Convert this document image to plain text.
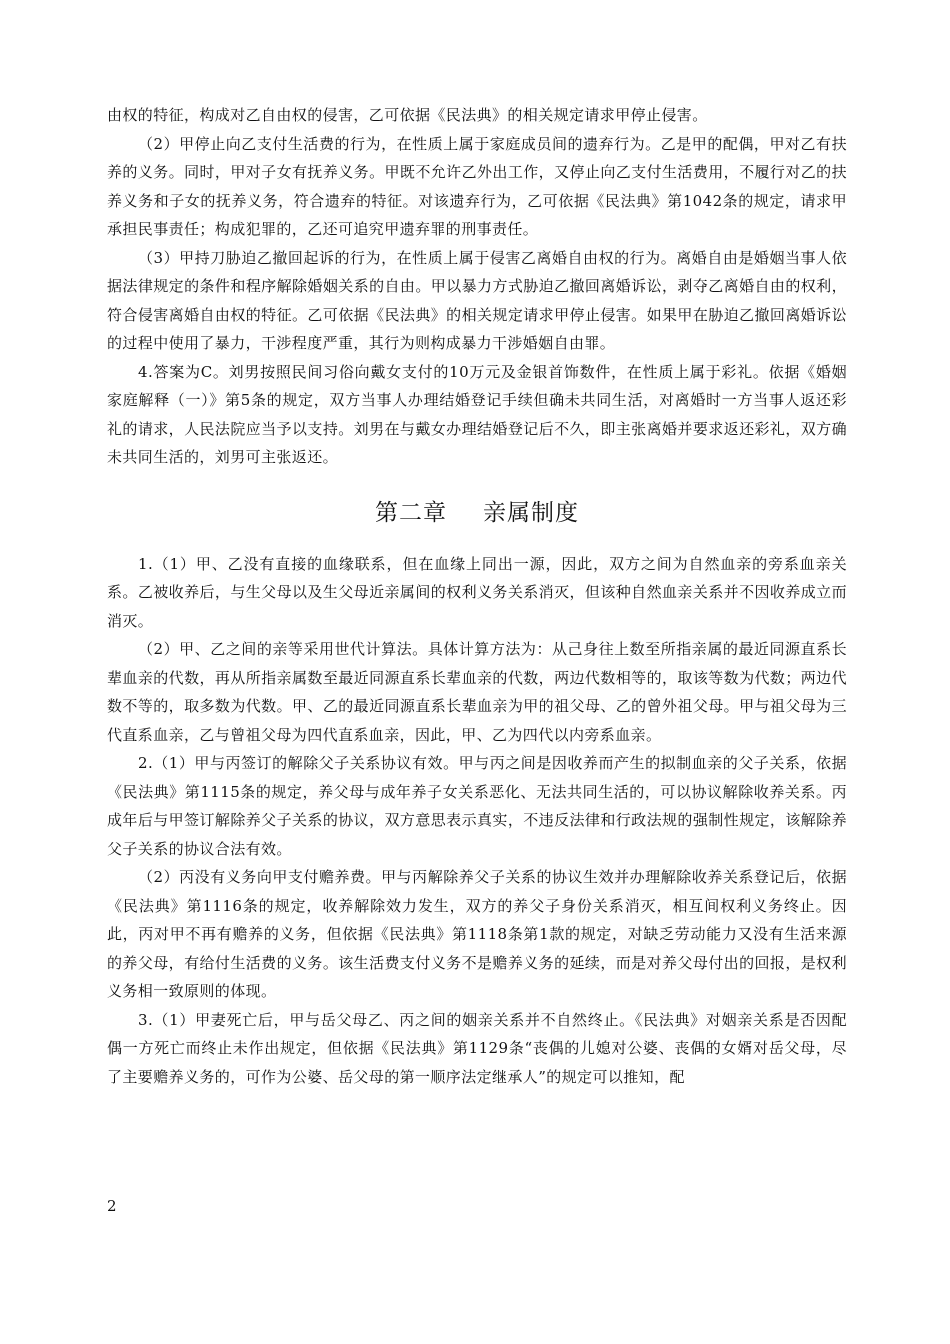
由权的特征，构成对乙自由权的侵害，乙可依据《民法典》的相关规定请求甲停止侵害。

（2）甲停止向乙支付生活费的行为，在性质上属于家庭成员间的遗弃行为。乙是甲的配偶，甲对乙有扶养的义务。同时，甲对子女有抚养义务。甲既不允许乙外出工作，又停止向乙支付生活费用，不履行对乙的扶养义务和子女的抚养义务，符合遗弃的特征。对该遗弃行为，乙可依据《民法典》第1042条的规定，请求甲承担民事责任；构成犯罪的，乙还可追究甲遗弃罪的刑事责任。

（3）甲持刀胁迫乙撤回起诉的行为，在性质上属于侵害乙离婚自由权的行为。离婚自由是婚姻当事人依据法律规定的条件和程序解除婚姻关系的自由。甲以暴力方式胁迫乙撤回离婚诉讼，剥夺乙离婚自由的权利，符合侵害离婚自由权的特征。乙可依据《民法典》的相关规定请求甲停止侵害。如果甲在胁迫乙撤回离婚诉讼的过程中使用了暴力，干涉程度严重，其行为则构成暴力干涉婚姻自由罪。

4.答案为C。刘男按照民间习俗向戴女支付的10万元及金银首饰数件，在性质上属于彩礼。依据《婚姻家庭解释（一）》第5条的规定，双方当事人办理结婚登记手续但确未共同生活，对离婚时一方当事人返还彩礼的请求，人民法院应当予以支持。刘男在与戴女办理结婚登记后不久，即主张离婚并要求返还彩礼，双方确未共同生活的，刘男可主张返还。

第二章 亲属制度

1.（1）甲、乙没有直接的血缘联系，但在血缘上同出一源，因此，双方之间为自然血亲的旁系血亲关系。乙被收养后，与生父母以及生父母近亲属间的权利义务关系消灭，但该种自然血亲关系并不因收养成立而消灭。

（2）甲、乙之间的亲等采用世代计算法。具体计算方法为：从己身往上数至所指亲属的最近同源直系长辈血亲的代数，再从所指亲属数至最近同源直系长辈血亲的代数，两边代数相等的，取该等数为代数；两边代数不等的，取多数为代数。甲、乙的最近同源直系长辈血亲为甲的祖父母、乙的曾外祖父母。甲与祖父母为三代直系血亲，乙与曾祖父母为四代直系血亲，因此，甲、乙为四代以内旁系血亲。

2.（1）甲与丙签订的解除父子关系协议有效。甲与丙之间是因收养而产生的拟制血亲的父子关系，依据《民法典》第1115条的规定，养父母与成年养子女关系恶化、无法共同生活的，可以协议解除收养关系。丙成年后与甲签订解除养父子关系的协议，双方意思表示真实，不违反法律和行政法规的强制性规定，该解除养父子关系的协议合法有效。

（2）丙没有义务向甲支付赡养费。甲与丙解除养父子关系的协议生效并办理解除收养关系登记后，依据《民法典》第1116条的规定，收养解除效力发生，双方的养父子身份关系消灭，相互间权利义务终止。因此，丙对甲不再有赡养的义务，但依据《民法典》第1118条第1款的规定，对缺乏劳动能力又没有生活来源的养父母，有给付生活费的义务。该生活费支付义务不是赡养义务的延续，而是对养父母付出的回报，是权利义务相一致原则的体现。

3.（1）甲妻死亡后，甲与岳父母乙、丙之间的姻亲关系并不自然终止。《民法典》对姻亲关系是否因配偶一方死亡而终止未作出规定，但依据《民法典》第1129条“丧偶的儿媳对公婆、丧偶的女婿对岳父母，尽了主要赡养义务的，可作为公婆、岳父母的第一顺序法定继承人”的规定可以推知，配

2
